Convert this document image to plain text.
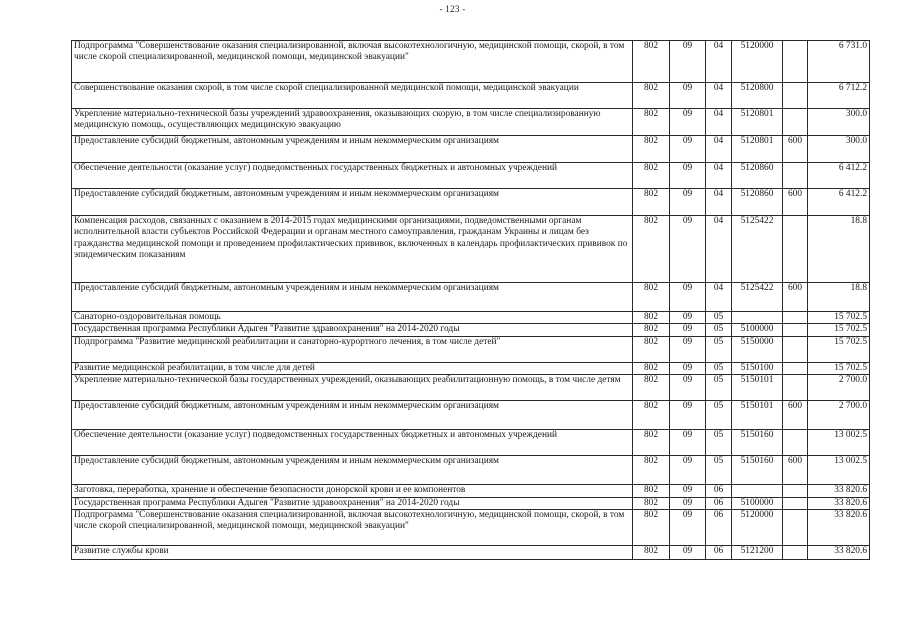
- 123 -
Подпрограмма "Совершенствование оказания специализированной, включая высокотехнологичную, медицинской помощи, скорой, в том числе скорой специализированной, медицинской помощи, медицинской эвакуации"	802	09	04	5120000		6 731.0
Совершенствование оказания скорой, в том числе скорой специализированной медицинской помощи, медицинской эвакуации	802	09	04	5120800		6 712.2
Укрепление материально-технической базы учреждений здравоохранения, оказывающих скорую, в том числе специализированную медицинскую помощь, осуществляющих медицинскую эвакуацию	802	09	04	5120801		300.0
Предоставление субсидий бюджетным, автономным учреждениям и иным некоммерческим организациям	802	09	04	5120801	600	300.0
Обеспечение деятельности (оказание услуг) подведомственных государственных бюджетных и автономных учреждений	802	09	04	5120860		6 412.2
Предоставление субсидий бюджетным, автономным учреждениям и иным некоммерческим организациям	802	09	04	5120860	600	6 412.2
Компенсация расходов, связанных с оказанием в 2014-2015 годах медицинскими организациями, подведомственными органам исполнительной власти субъектов Российской Федерации и органам местного самоуправления, гражданам Украины и лицам без гражданства медицинской помощи и проведением профилактических прививок, включенных в календарь профилактических прививок по эпидемическим показаниям	802	09	04	5125422		18.8
Предоставление субсидий бюджетным, автономным учреждениям и иным некоммерческим организациям	802	09	04	5125422	600	18.8
Санаторно-оздоровительная помощь	802	09	05			15 702.5
Государственная программа Республики Адыгея "Развитие здравоохранения" на 2014-2020 годы	802	09	05	5100000		15 702.5
Подпрограмма "Развитие медицинской реабилитации и санаторно-курортного лечения, в том числе детей"	802	09	05	5150000		15 702.5
Развитие медицинской реабилитации, в том числе для детей	802	09	05	5150100		15 702.5
Укрепление материально-технической базы государственных учреждений, оказывающих реабилитационную помощь, в том числе детям	802	09	05	5150101		2 700.0
Предоставление субсидий бюджетным, автономным учреждениям и иным некоммерческим организациям	802	09	05	5150101	600	2 700.0
Обеспечение деятельности (оказание услуг) подведомственных государственных бюджетных и автономных учреждений	802	09	05	5150160		13 002.5
Предоставление субсидий бюджетным, автономным учреждениям и иным некоммерческим организациям	802	09	05	5150160	600	13 002.5
Заготовка, переработка, хранение и обеспечение безопасности донорской крови и ее компонентов	802	09	06			33 820.6
Государственная программа Республики Адыгея "Развитие здравоохранения" на 2014-2020 годы	802	09	06	5100000		33 820.6
Подпрограмма "Совершенствование оказания специализированной, включая высокотехнологичную, медицинской помощи, скорой, в том числе скорой специализированной, медицинской помощи, медицинской эвакуации"	802	09	06	5120000		33 820.6
Развитие службы крови	802	09	06	5121200		33 820.6
